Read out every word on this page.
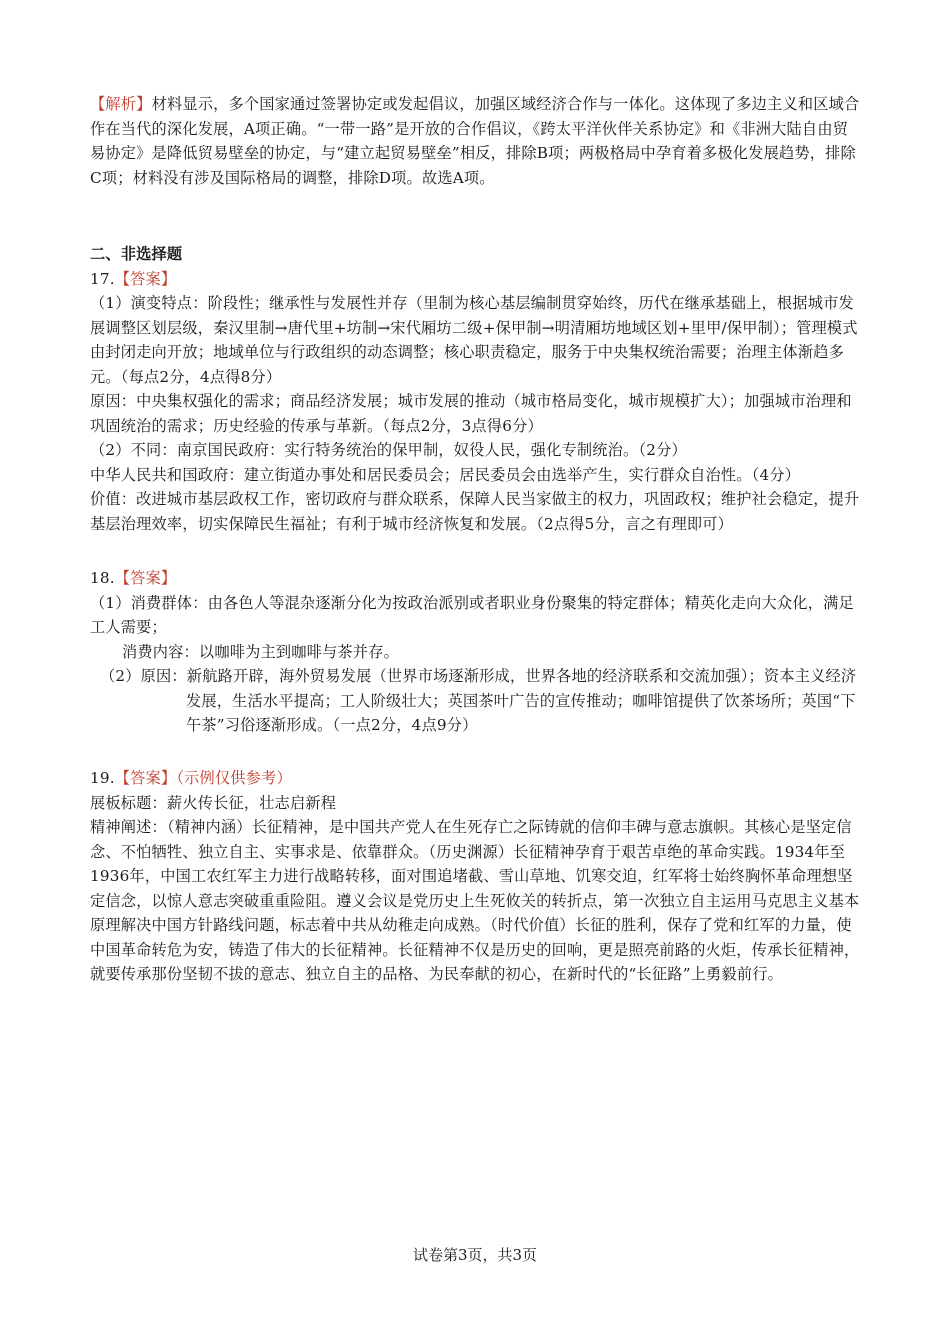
【解析】材料显示，多个国家通过签署协定或发起倡议，加强区域经济合作与一体化。这体现了多边主义和区域合作在当代的深化发展，A项正确。“一带一路”是开放的合作倡议，《跨太平洋伙伴关系协定》和《非洲大陆自由贸易协定》是降低贸易壁垒的协定，与“建立起贸易壁垒”相反，排除B项；两极格局中孕育着多极化发展趋势，排除C项；材料没有涉及国际格局的调整，排除D项。故选A项。

二、非选择题

17.【答案】

（1）演变特点：阶段性；继承性与发展性并存（里制为核心基层编制贯穿始终，历代在继承基础上，根据城市发展调整区划层级，秦汉里制→唐代里+坊制→宋代厢坊二级+保甲制→明清厢坊地域区划+里甲/保甲制）；管理模式由封闭走向开放；地域单位与行政组织的动态调整；核心职责稳定，服务于中央集权统治需要；治理主体渐趋多元。（每点2分，4点得8分）

原因：中央集权强化的需求；商品经济发展；城市发展的推动（城市格局变化，城市规模扩大）；加强城市治理和巩固统治的需求；历史经验的传承与革新。（每点2分，3点得6分）

（2）不同：南京国民政府：实行特务统治的保甲制，奴役人民，强化专制统治。（2分）

中华人民共和国政府：建立街道办事处和居民委员会；居民委员会由选举产生，实行群众自治性。（4分）

价值：改进城市基层政权工作，密切政府与群众联系，保障人民当家做主的权力，巩固政权；维护社会稳定，提升基层治理效率，切实保障民生福祉；有利于城市经济恢复和发展。（2点得5分，言之有理即可）

18.【答案】

（1）消费群体：由各色人等混杂逐渐分化为按政治派别或者职业身份聚集的特定群体；精英化走向大众化，满足工人需要；

消费内容：以咖啡为主到咖啡与茶并存。

（2）原因：新航路开辟，海外贸易发展（世界市场逐渐形成，世界各地的经济联系和交流加强）；资本主义经济发展，生活水平提高；工人阶级壮大；英国茶叶广告的宣传推动；咖啡馆提供了饮茶场所；英国“下午茶”习俗逐渐形成。（一点2分，4点9分）

19.【答案】（示例仅供参考）

展板标题：薪火传长征，壮志启新程

精神阐述：（精神内涵）长征精神，是中国共产党人在生死存亡之际铸就的信仰丰碑与意志旗帜。其核心是坚定信念、不怕牺牲、独立自主、实事求是、依靠群众。（历史渊源）长征精神孕育于艰苦卓绝的革命实践。1934年至1936年，中国工农红军主力进行战略转移，面对围追堵截、雪山草地、饥寒交迫，红军将士始终胸怀革命理想坚定信念，以惊人意志突破重重险阻。遵义会议是党历史上生死攸关的转折点，第一次独立自主运用马克思主义基本原理解决中国方针路线问题，标志着中共从幼稚走向成熟。（时代价值）长征的胜利，保存了党和红军的力量，使中国革命转危为安，铸造了伟大的长征精神。长征精神不仅是历史的回响，更是照亮前路的火炬，传承长征精神，就要传承那份坚韧不拔的意志、独立自主的品格、为民奉献的初心，在新时代的“长征路”上勇毅前行。

试卷第3页，共3页
